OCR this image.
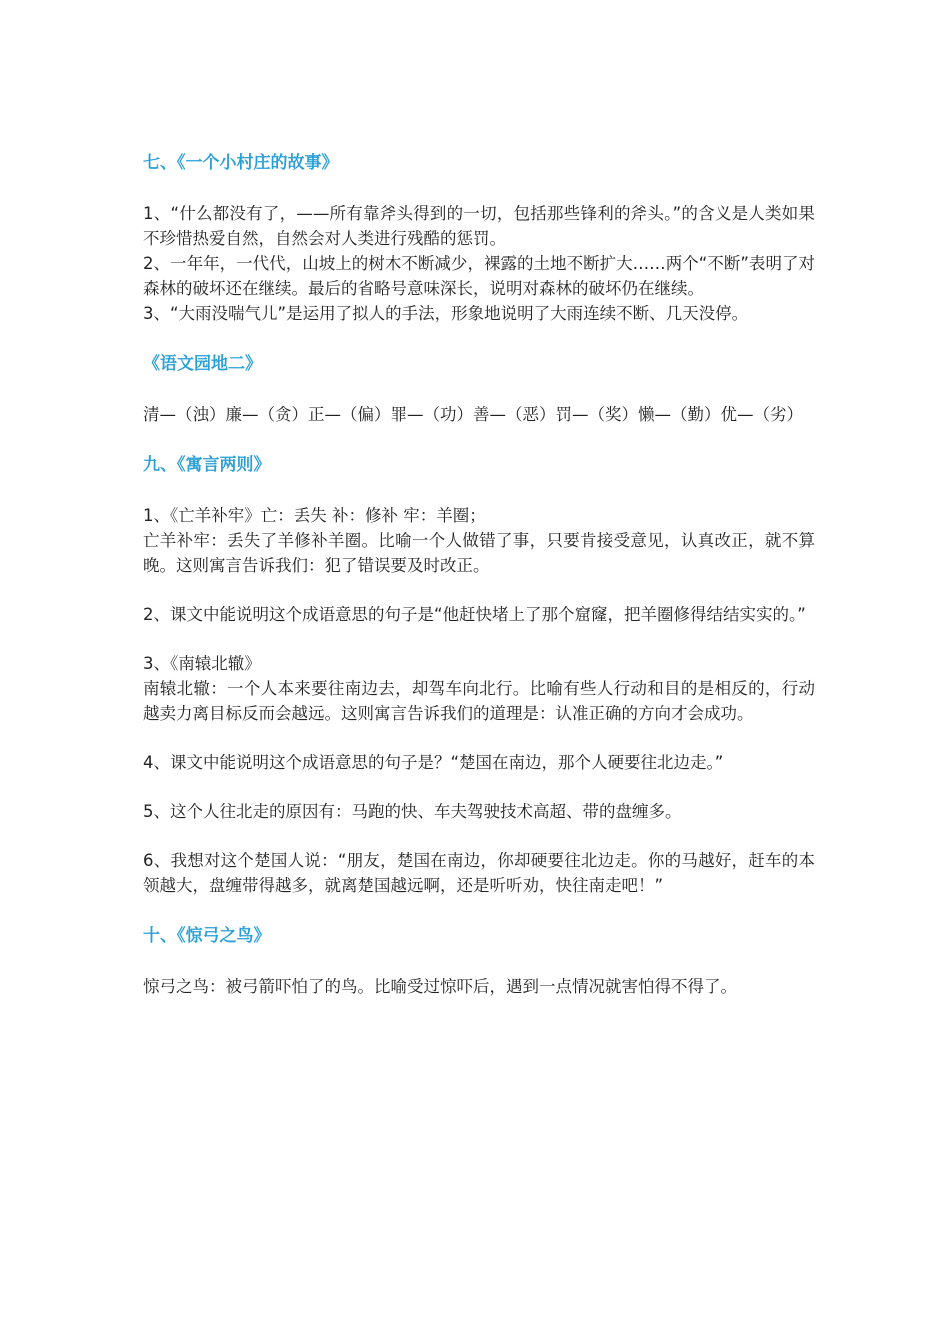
七、《一个小村庄的故事》

1、“什么都没有了，——所有靠斧头得到的一切，包括那些锋利的斧头。”的含义是人类如果不珍惜热爱自然，自然会对人类进行残酷的惩罚。

2、一年年，一代代，山坡上的树木不断减少，裸露的土地不断扩大……两个“不断”表明了对森林的破坏还在继续。最后的省略号意味深长，说明对森林的破坏仍在继续。

3、“大雨没喘气儿”是运用了拟人的手法，形象地说明了大雨连续不断、几天没停。

《语文园地二》

清—（浊）廉—（贪）正—（偏）罪—（功）善—（恶）罚—（奖）懒—（勤）优—（劣）

九、《寓言两则》

1、《亡羊补牢》亡：丢失 补：修补 牢：羊圈；

亡羊补牢：丢失了羊修补羊圈。比喻一个人做错了事，只要肯接受意见，认真改正，就不算晚。这则寓言告诉我们：犯了错误要及时改正。

2、课文中能说明这个成语意思的句子是“他赶快堵上了那个窟窿，把羊圈修得结结实实的。”

3、《南辕北辙》

南辕北辙：一个人本来要往南边去，却驾车向北行。比喻有些人行动和目的是相反的，行动越卖力离目标反而会越远。这则寓言告诉我们的道理是：认准正确的方向才会成功。

4、课文中能说明这个成语意思的句子是？“楚国在南边，那个人硬要往北边走。”

5、这个人往北走的原因有：马跑的快、车夫驾驶技术高超、带的盘缠多。

6、我想对这个楚国人说：“朋友，楚国在南边，你却硬要往北边走。你的马越好，赶车的本领越大，盘缠带得越多，就离楚国越远啊，还是听听劝，快往南走吧！”

十、《惊弓之鸟》

惊弓之鸟：被弓箭吓怕了的鸟。比喻受过惊吓后，遇到一点情况就害怕得不得了。
